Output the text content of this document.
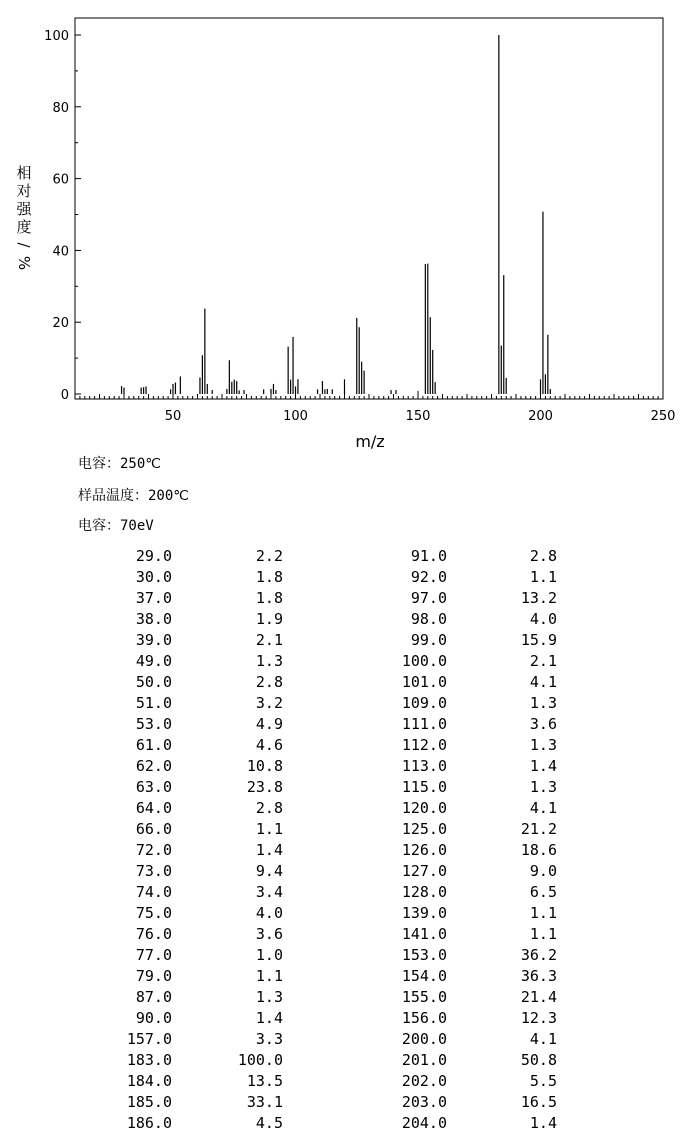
0
20
40
60
80
100
50	100	150	200	250
m/z
相
对
强
度
/
%
电容：250℃
样品温度：200℃
电容：70eV
29.0	2.2	91.0	2.8
30.0	1.8	92.0	1.1
37.0	1.8	97.0	13.2
38.0	1.9	98.0	4.0
39.0	2.1	99.0	15.9
49.0	1.3	100.0	2.1
50.0	2.8	101.0	4.1
51.0	3.2	109.0	1.3
53.0	4.9	111.0	3.6
61.0	4.6	112.0	1.3
62.0	10.8	113.0	1.4
63.0	23.8	115.0	1.3
64.0	2.8	120.0	4.1
66.0	1.1	125.0	21.2
72.0	1.4	126.0	18.6
73.0	9.4	127.0	9.0
74.0	3.4	128.0	6.5
75.0	4.0	139.0	1.1
76.0	3.6	141.0	1.1
77.0	1.0	153.0	36.2
79.0	1.1	154.0	36.3
87.0	1.3	155.0	21.4
90.0	1.4	156.0	12.3
157.0	3.3	200.0	4.1
183.0	100.0	201.0	50.8
184.0	13.5	202.0	5.5
185.0	33.1	203.0	16.5
186.0	4.5	204.0	1.4
